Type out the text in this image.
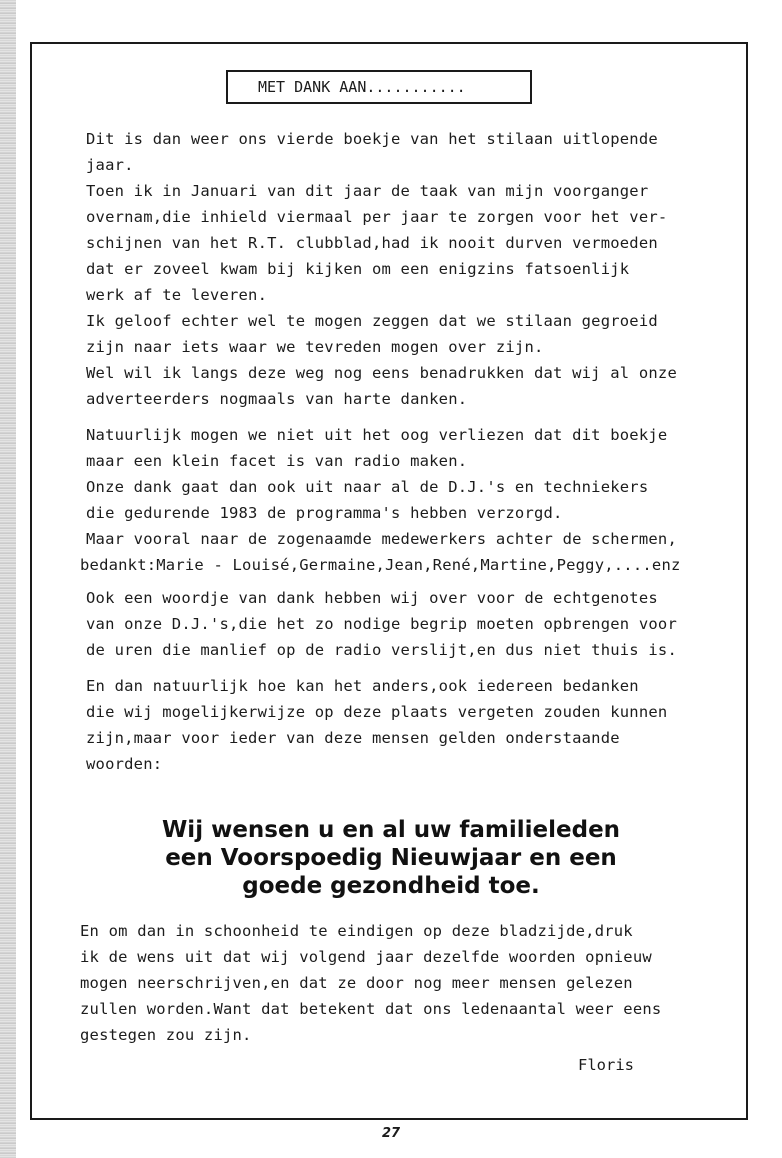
MET DANK AAN...........
Dit is dan weer ons vierde boekje van het stilaan uitlopende
jaar.
Toen ik in Januari van dit jaar de taak van mijn voorganger
overnam,die inhield viermaal per jaar te zorgen voor het ver-
schijnen van het R.T. clubblad,had ik nooit durven vermoeden
dat er zoveel kwam bij kijken om een enigzins fatsoenlijk
werk af te leveren.
Ik geloof echter wel te mogen zeggen dat we stilaan gegroeid
zijn naar iets waar we tevreden mogen over zijn.
Wel wil ik langs deze weg nog eens benadrukken dat wij al onze
adverteerders nogmaals van harte danken.
Natuurlijk mogen we niet uit het oog verliezen dat dit boekje
maar een klein facet is van radio maken.
Onze dank gaat dan ook uit naar al de D.J.'s en techniekers
die gedurende 1983 de programma's hebben verzorgd.
Maar vooral naar de zogenaamde medewerkers achter de schermen,
bedankt:Marie - Louisé,Germaine,Jean,René,Martine,Peggy,....enz
Ook een woordje van dank hebben wij over voor de echtgenotes
van onze D.J.'s,die het zo nodige begrip moeten opbrengen voor
de uren die manlief op de radio verslijt,en dus niet thuis is.
En dan natuurlijk hoe kan het anders,ook iedereen bedanken
die wij mogelijkerwijze op deze plaats vergeten zouden kunnen
zijn,maar voor ieder van deze mensen gelden onderstaande
woorden:
Wij wensen u en al uw familieleden
een Voorspoedig Nieuwjaar en een
goede gezondheid toe.
En om dan in schoonheid te eindigen op deze bladzijde,druk
ik de wens uit dat wij volgend jaar dezelfde woorden opnieuw
mogen neerschrijven,en dat ze door nog meer mensen gelezen
zullen worden.Want dat betekent dat ons ledenaantal weer eens
gestegen zou zijn.
Floris
27
